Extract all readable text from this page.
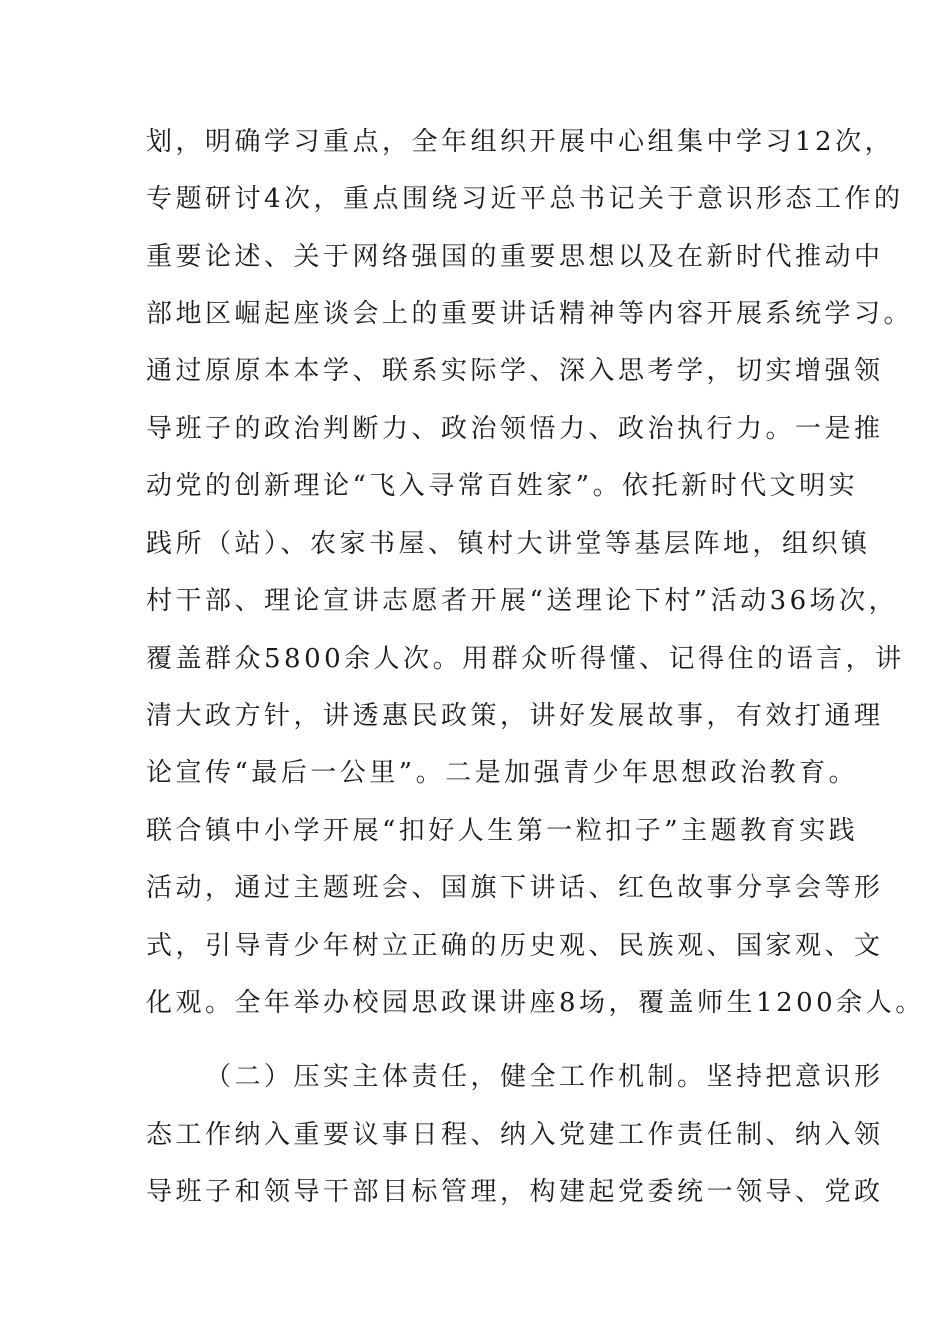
划，明确学习重点，全年组织开展中心组集中学习12次，
专题研讨4次，重点围绕习近平总书记关于意识形态工作的
重要论述、关于网络强国的重要思想以及在新时代推动中
部地区崛起座谈会上的重要讲话精神等内容开展系统学习。
通过原原本本学、联系实际学、深入思考学，切实增强领
导班子的政治判断力、政治领悟力、政治执行力。一是推
动党的创新理论“飞入寻常百姓家”。依托新时代文明实
践所（站）、农家书屋、镇村大讲堂等基层阵地，组织镇
村干部、理论宣讲志愿者开展“送理论下村”活动36场次，
覆盖群众5800余人次。用群众听得懂、记得住的语言，讲
清大政方针，讲透惠民政策，讲好发展故事，有效打通理
论宣传“最后一公里”。二是加强青少年思想政治教育。
联合镇中小学开展“扣好人生第一粒扣子”主题教育实践
活动，通过主题班会、国旗下讲话、红色故事分享会等形
式，引导青少年树立正确的历史观、民族观、国家观、文
化观。全年举办校园思政课讲座8场，覆盖师生1200余人。
（二）压实主体责任，健全工作机制。坚持把意识形
态工作纳入重要议事日程、纳入党建工作责任制、纳入领
导班子和领导干部目标管理，构建起党委统一领导、党政
